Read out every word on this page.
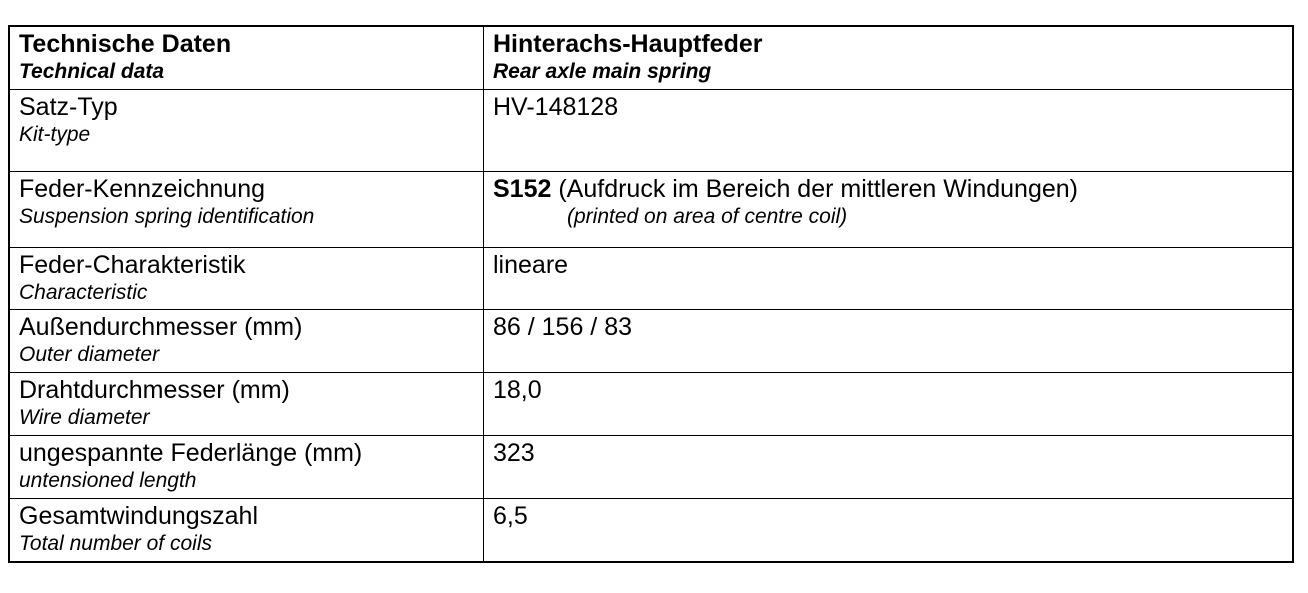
Technische Daten
Technical data
Hinterachs-Hauptfeder
Rear axle main spring
Satz-Typ
Kit-type
HV-148128
Feder-Kennzeichnung
Suspension spring identification
S152 (Aufdruck im Bereich der mittleren Windungen)
(printed on area of centre coil)
Feder-Charakteristik
Characteristic
lineare
Außendurchmesser (mm)
Outer diameter
86 / 156 / 83
Drahtdurchmesser (mm)
Wire diameter
18,0
ungespannte Federlänge (mm)
untensioned length
323
Gesamtwindungszahl
Total number of coils
6,5
